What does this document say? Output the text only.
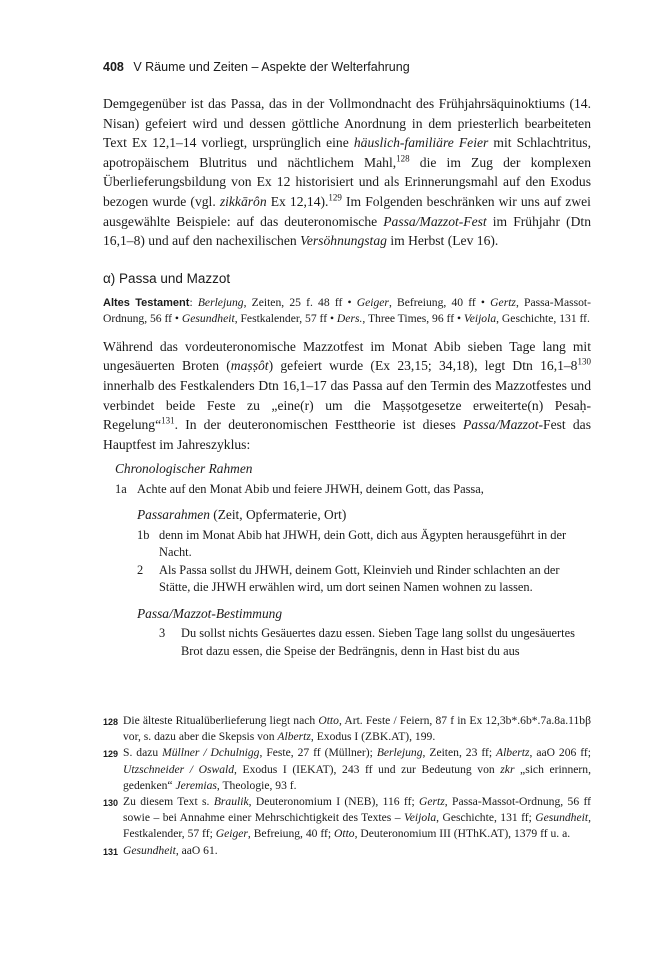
408 V Räume und Zeiten – Aspekte der Welterfahrung

Demgegenüber ist das Passa, das in der Vollmondnacht des Frühjahrsäquinoktiums (14. Nisan) gefeiert wird und dessen göttliche Anordnung in dem priesterlich bearbeiteten Text Ex 12,1–14 vorliegt, ursprünglich eine häuslich-familiäre Feier mit Schlachtritus, apotropäischem Blutritus und nächtlichem Mahl,$^{128}$ die im Zug der komplexen Überlieferungsbildung von Ex 12 historisiert und als Erinnerungsmahl auf den Exodus bezogen wurde (vgl. zikkārôn Ex 12,14).$^{129}$ Im Folgenden beschränken wir uns auf zwei ausgewählte Beispiele: auf das deuteronomische Passa/Mazzot-Fest im Frühjahr (Dtn 16,1–8) und auf den nachexilischen Versöhnungstag im Herbst (Lev 16).

α) Passa und Mazzot
Altes Testament: Berlejung, Zeiten, 25 f. 48 ff • Geiger, Befreiung, 40 ff • Gertz, Passa-Massot-Ordnung, 56 ff • Gesundheit, Festkalender, 57 ff • Ders., Three Times, 96 ff • Veijola, Geschichte, 131 ff.

Während das vordeuteronomische Mazzotfest im Monat Abib sieben Tage lang mit ungesäuerten Broten (maṣṣôt) gefeiert wurde (Ex 23,15; 34,18), legt Dtn $16,1-8^{130}$ innerhalb des Festkalenders Dtn 16,1–17 das Passa auf den Termin des Mazzotfestes und verbindet beide Feste zu „eine(r) um die Maṣṣotgesetze erweiterte(n) Pesaḥ-Regelung“$^{131}$. In der deuteronomischen Festtheorie ist dieses Passa/Mazzot-Fest das Hauptfest im Jahreszyklus:

Chronologischer Rahmen
1a Achte auf den Monat Abib und feiere JHWH, deinem Gott, das Passa,
Passarahmen (Zeit, Opfermaterie, Ort)
1b denn im Monat Abib hat JHWH, dein Gott, dich aus Ägypten herausgeführt in der Nacht.
2	Als Passa sollst du JHWH, deinem Gott, Kleinvieh und Rinder schlachten an der Stätte, die JHWH erwählen wird, um dort seinen Namen wohnen zu lassen.
Passa/Mazzot-Bestimmung
3	Du sollst nichts Gesäuertes dazu essen. Sieben Tage lang sollst du ungesäuertes Brot dazu essen, die Speise der Bedrängnis, denn in Hast bist du aus
128 Die älteste Ritualüberlieferung liegt nach Otto, Art. Feste / Feiern, 87 f in Ex 12,3b*.6b*.7a.8a.11bβ vor, s. dazu aber die Skepsis von Albertz, Exodus I (ZBK.AT), 199.
129 S. dazu Müllner / Dchulnigg, Feste, 27 ff (Müllner); Berlejung, Zeiten, 23 ff; Albertz, aaO 206 ff; Utzschneider / Oswald, Exodus I (IEKAT), 243 ff und zur Bedeutung von zkr „sich erinnern, gedenken“ Jeremias, Theologie, 93 f.
130 Zu diesem Text s. Braulik, Deuteronomium I (NEB), 116 ff; Gertz, Passa-Massot-Ordnung, 56 ff sowie – bei Annahme einer Mehrschichtigkeit des Textes – Veijola, Geschichte, 131 ff; Gesundheit, Festkalender, 57 ff; Geiger, Befreiung, 40 ff; Otto, Deuteronomium III (HThK.AT), 1379 ff u. a.
131 Gesundheit, aaO 61.
